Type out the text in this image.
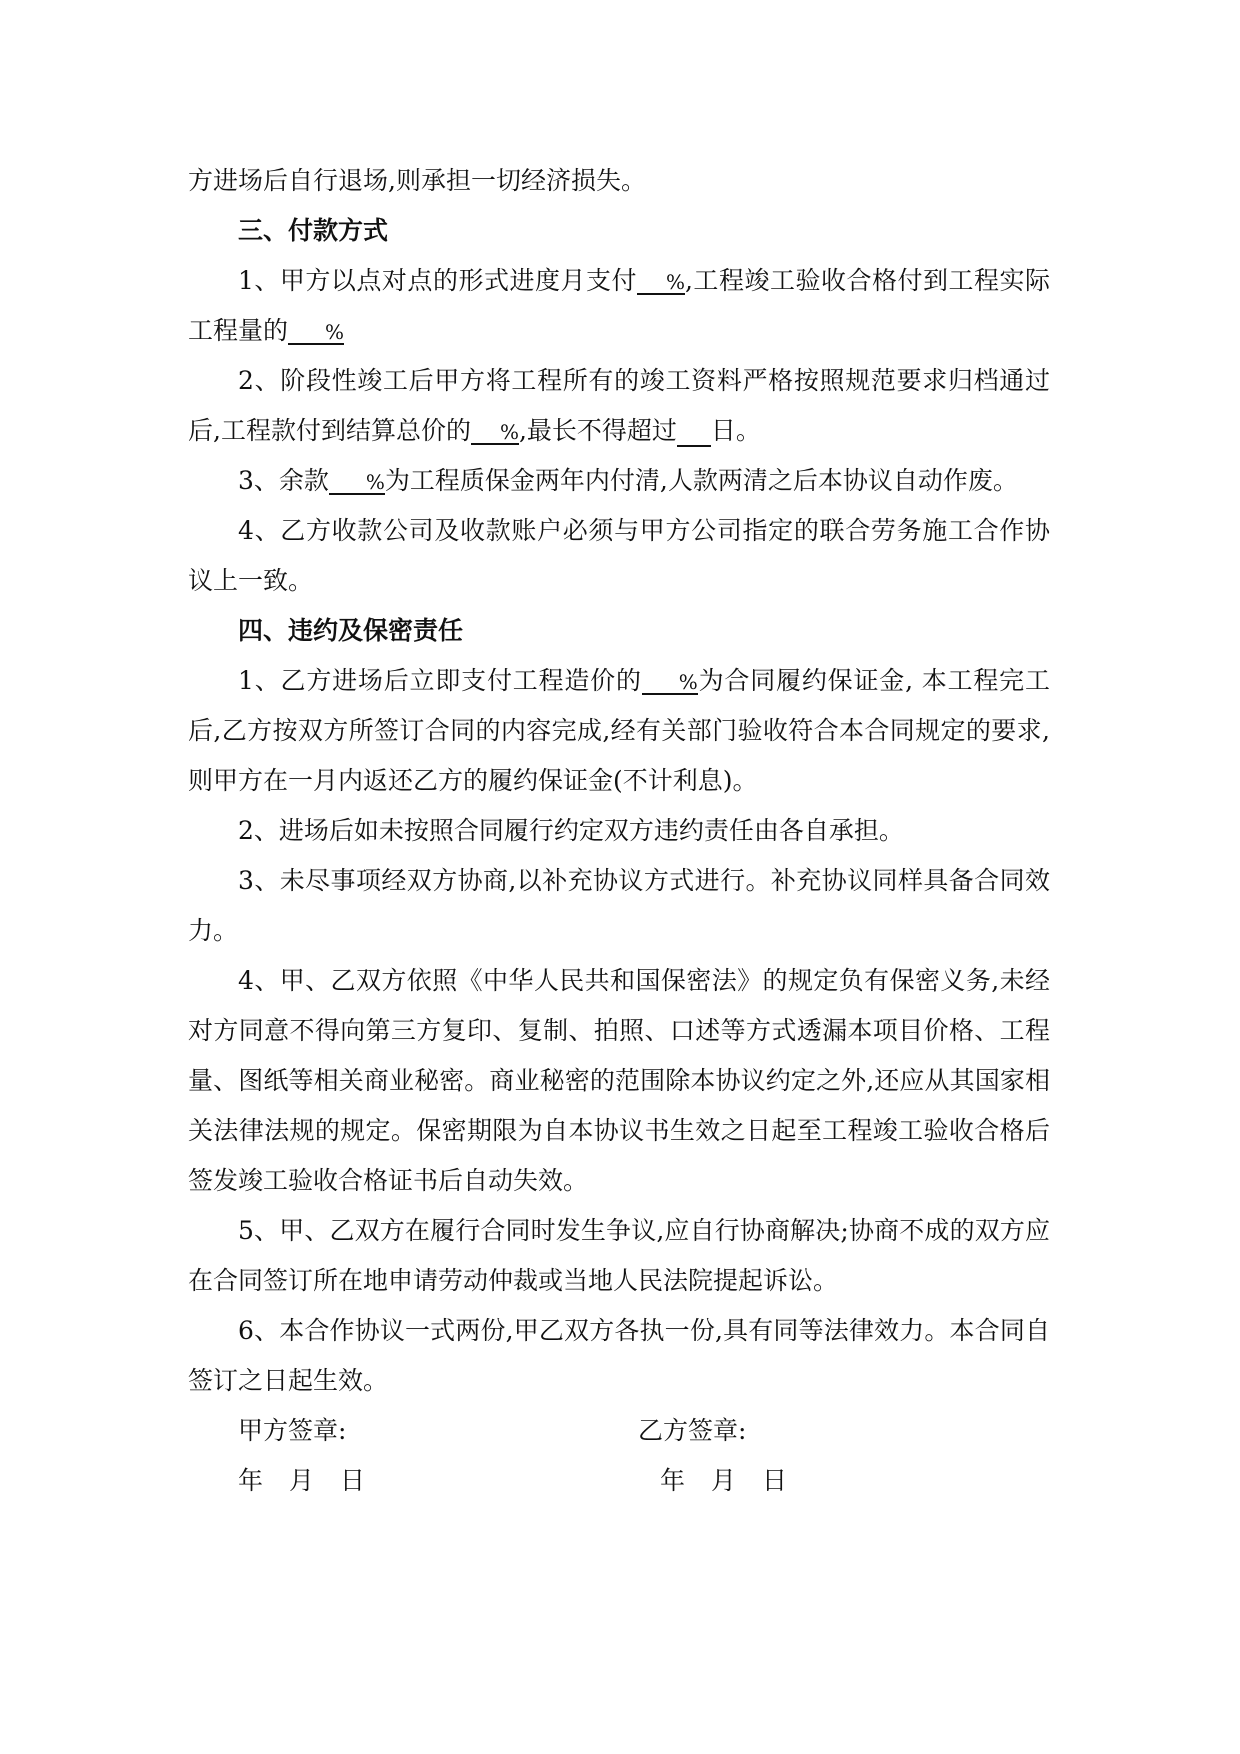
方进场后自行退场,则承担一切经济损失。

三、付款方式

1、甲方以点对点的形式进度月支付 %,工程竣工验收合格付到工程实际工程量的 %

2、阶段性竣工后甲方将工程所有的竣工资料严格按照规范要求归档通过后,工程款付到结算总价的 %,最长不得超过 日。

3、余款 %为工程质保金两年内付清,人款两清之后本协议自动作废。

4、乙方收款公司及收款账户必须与甲方公司指定的联合劳务施工合作协议上一致。

四、违约及保密责任

1、乙方进场后立即支付工程造价的 %为合同履约保证金, 本工程完工后,乙方按双方所签订合同的内容完成,经有关部门验收符合本合同规定的要求,则甲方在一月内返还乙方的履约保证金(不计利息)。

2、进场后如未按照合同履行约定双方违约责任由各自承担。

3、未尽事项经双方协商,以补充协议方式进行。补充协议同样具备合同效力。

4、甲、乙双方依照《中华人民共和国保密法》的规定负有保密义务,未经对方同意不得向第三方复印、复制、拍照、口述等方式透漏本项目价格、工程量、图纸等相关商业秘密。商业秘密的范围除本协议约定之外,还应从其国家相关法律法规的规定。保密期限为自本协议书生效之日起至工程竣工验收合格后签发竣工验收合格证书后自动失效。

5、甲、乙双方在履行合同时发生争议,应自行协商解决;协商不成的双方应在合同签订所在地申请劳动仲裁或当地人民法院提起诉讼。

6、本合作协议一式两份,甲乙双方各执一份,具有同等法律效力。本合同自签订之日起生效。

甲方签章:	乙方签章:
年 月 日	年 月 日
